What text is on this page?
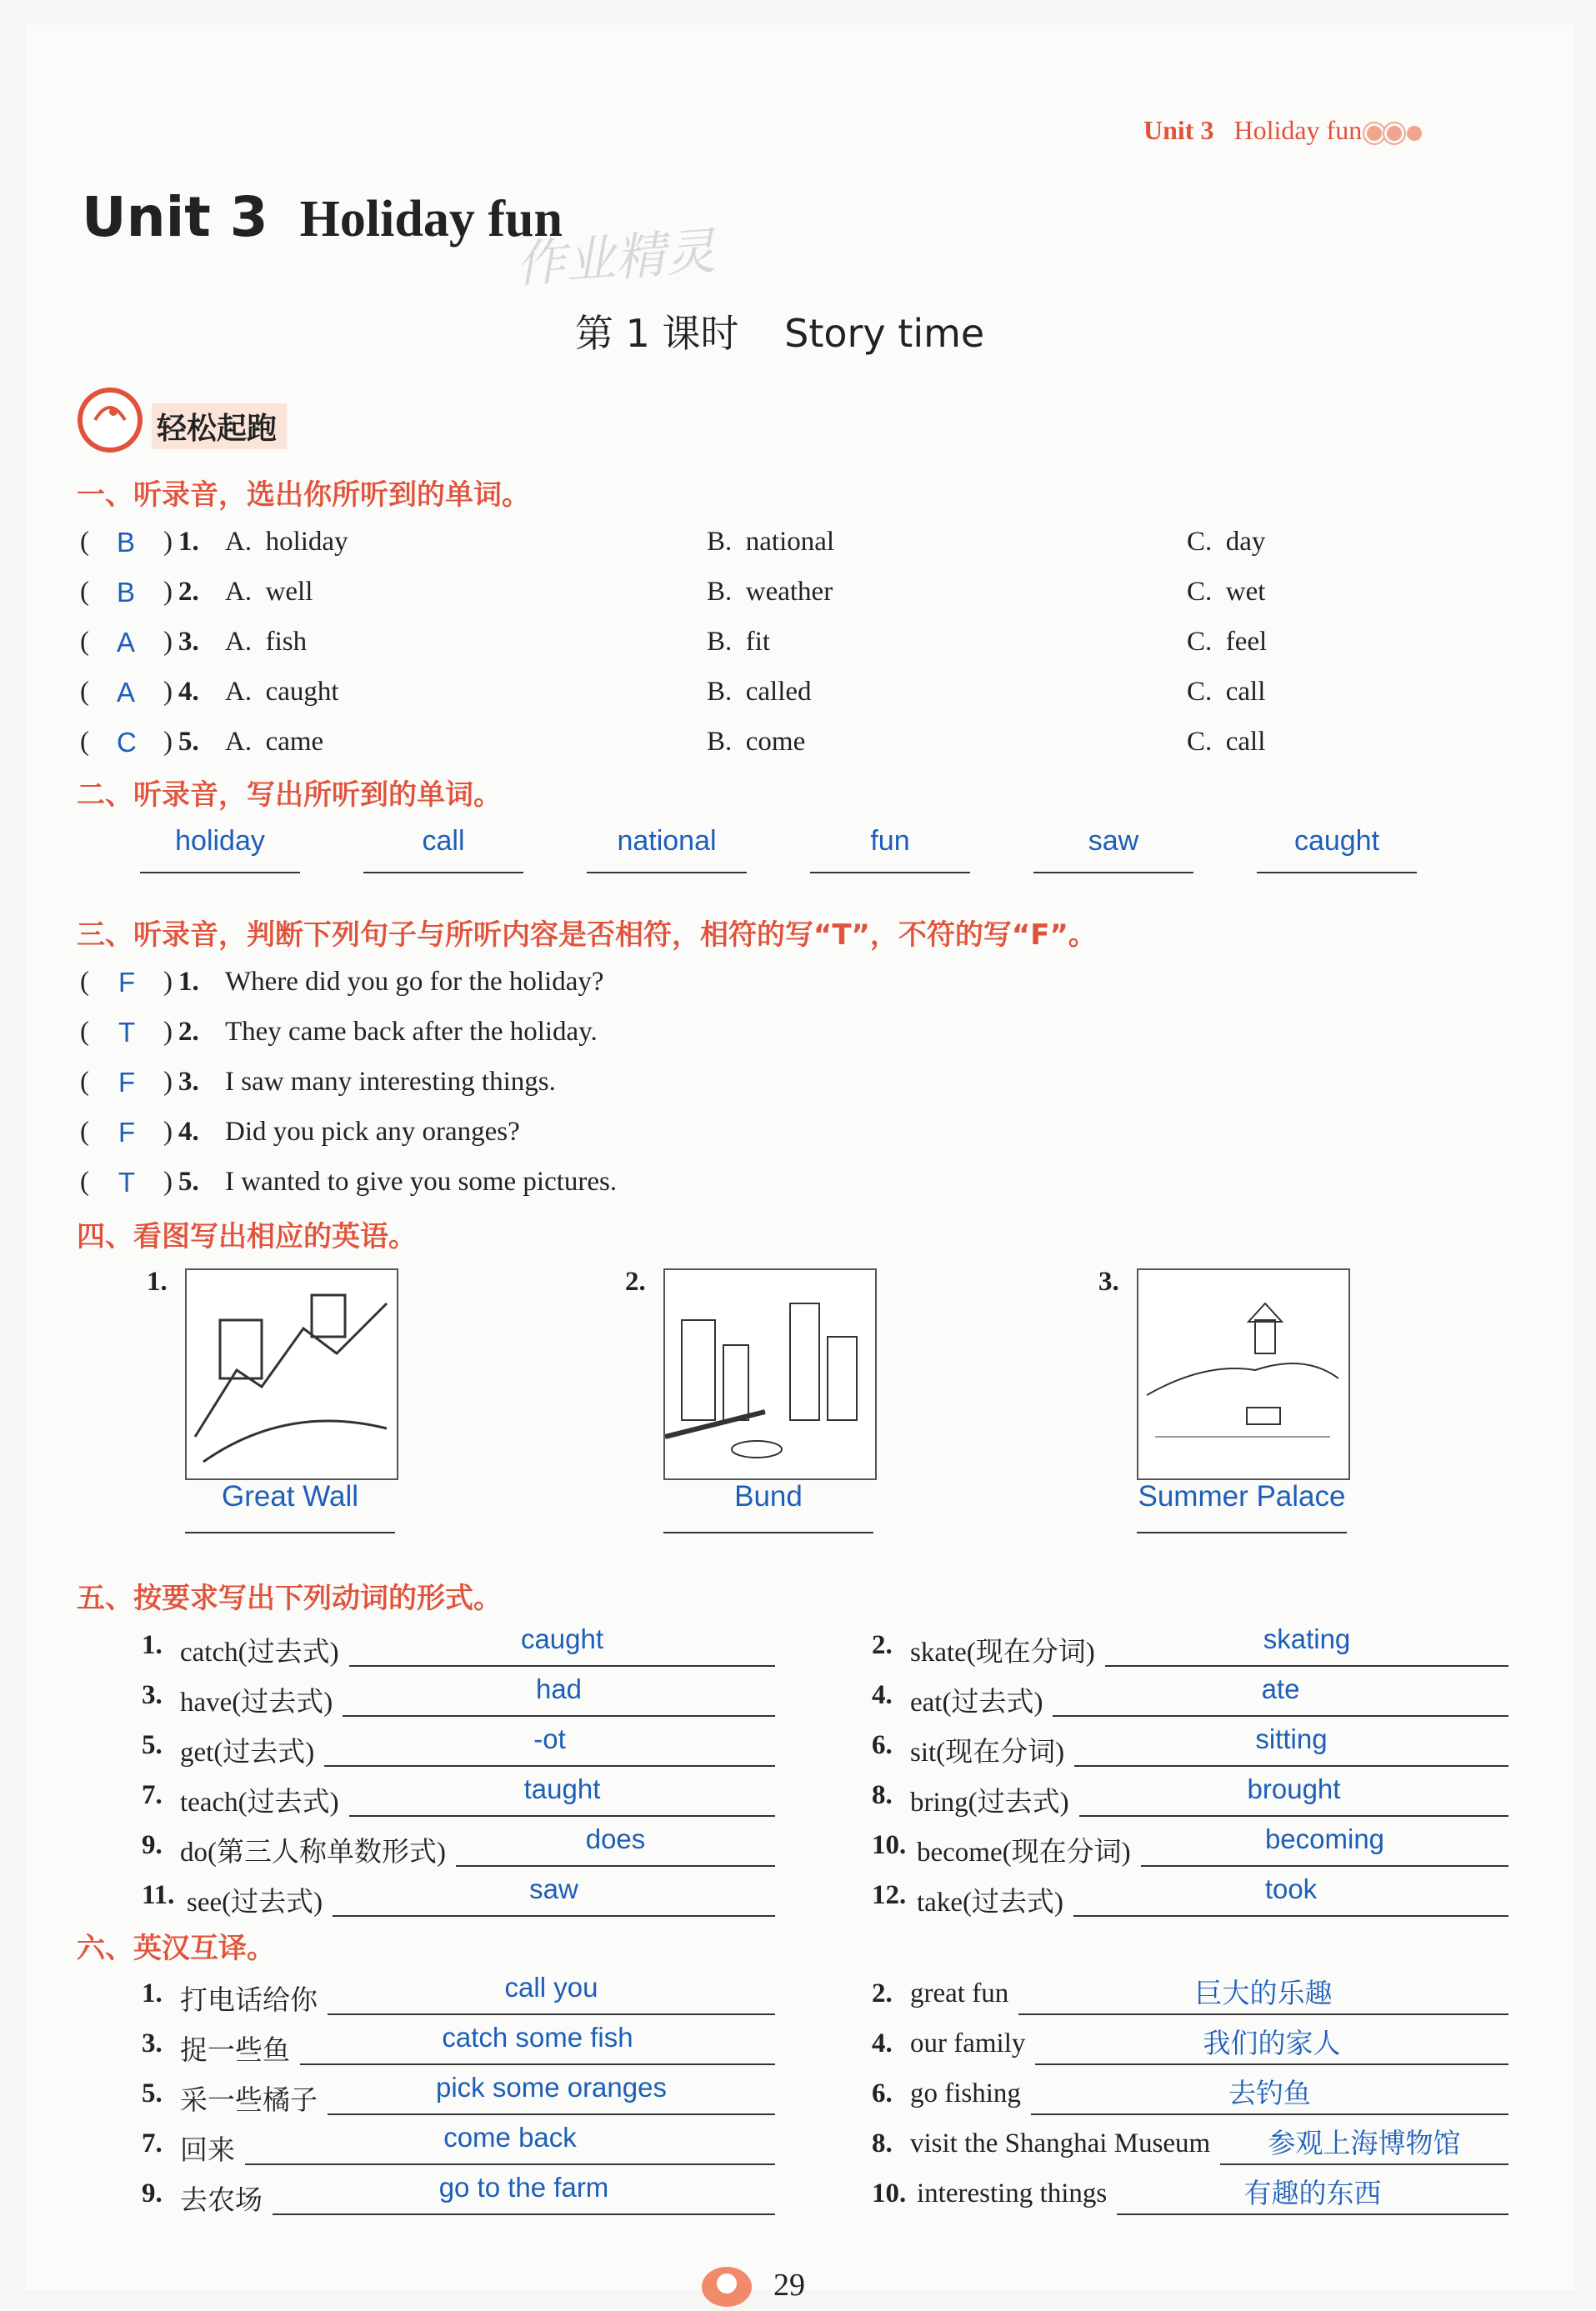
Unit 3 Holiday fun
Unit 3 Holiday fun
作业精灵
第 1 课时 Story time
轻松起跑
一、听录音，选出你所听到的单词。
( B ) 1. A.  holiday	B.  national	C.  day
( B ) 2. A.  well	B.  weather	C.  wet
( A ) 3. A.  fish	B.  fit	C.  feel
( A ) 4. A.  caught	B.  called	C.  call
( C ) 5. A.  came	B.  come	C.  call
二、听录音，写出所听到的单词。
holiday	call	national	fun	saw	caught
三、听录音，判断下列句子与所听内容是否相符，相符的写“T”，不符的写“F”。
( F ) 1. Where did you go for the holiday?
( T ) 2. They came back after the holiday.
( F ) 3. I saw many interesting things.
( F ) 4. Did you pick any oranges?
( T ) 5. I wanted to give you some pictures.
四、看图写出相应的英语。
1.
Great Wall
2.
Bund
3.
Summer Palace
五、按要求写出下列动词的形式。
1. catch(过去式)	caught
3. have(过去式)	had
5. get(过去式)	-ot
7. teach(过去式)	taught
9. do(第三人称单数形式)	does
11. see(过去式)	saw
2. skate(现在分词)	skating
4. eat(过去式)	ate
6. sit(现在分词)	sitting
8. bring(过去式)	brought
10. become(现在分词)	becoming
12. take(过去式)	took
六、英汉互译。
1. 打电话给你	call you
3. 捉一些鱼	catch some fish
5. 采一些橘子	pick some oranges
7. 回来	come back
9. 去农场	go to the farm
2. great fun	巨大的乐趣
4. our family	我们的家人
6. go fishing	去钓鱼
8. visit the Shanghai Museum	参观上海博物馆
10. interesting things	有趣的东西
29
